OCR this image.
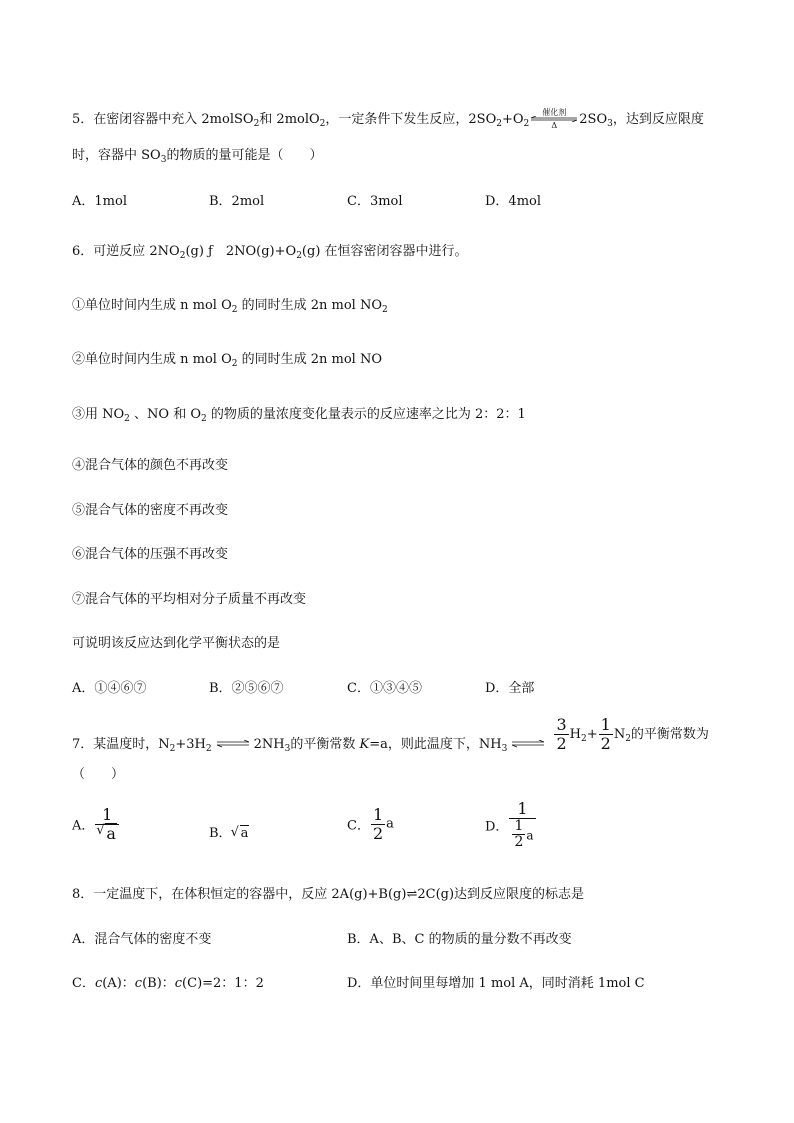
5．在密闭容器中充入 2molSO$_2$和 2molO$_2$，一定条件下发生反应，$2SO_2+O_2$
催化剂
Δ	$2SO_3$，达到反应限度
时，容器中 $SO_3$的物质的量可能是（　　）
A．1mol	B．2mol	C．3mol	D．4mol
6．可逆反应 $2NO_2(g)$ ƒ　$2NO(g)+O_2(g)$ 在恒容密闭容器中进行。
①单位时间内生成 n mol $O_2$ 的同时生成 2n mol $NO_2$
②单位时间内生成 n mol $O_2$ 的同时生成 2n mol NO
③用 $NO_2$ 、NO 和 $O_2$ 的物质的量浓度变化量表示的反应速率之比为 2：2：1
④混合气体的颜色不再改变
⑤混合气体的密度不再改变
⑥混合气体的压强不再改变
⑦混合气体的平均相对分子质量不再改变
可说明该反应达到化学平衡状态的是
A．①④⑥⑦	B．②⑤⑥⑦	C．①③④⑤	D．全部
7．某温度时，$N_2+3H_2$ ⇌ $2NH_3$的平衡常数 K=a，则此温度下，$NH_3$ ⇌ $\frac{3}{2} H_2+ \frac{1}{2} N_2$的平衡常数为
（　　）
A． 1
√ a	B． √ a	C． $\frac{1}{2}$ a	D． $\frac{1}{\frac{1}{2} a}$
8．一定温度下，在体积恒定的容器中，反应 2A(g)+B(g)⇌2C(g)达到反应限度的标志是
A．混合气体的密度不变	B．A、B、C 的物质的量分数不再改变
C．c(A)：c(B)：c(C)=2：1：2	D．单位时间里每增加 1 mol A，同时消耗 1mol C
